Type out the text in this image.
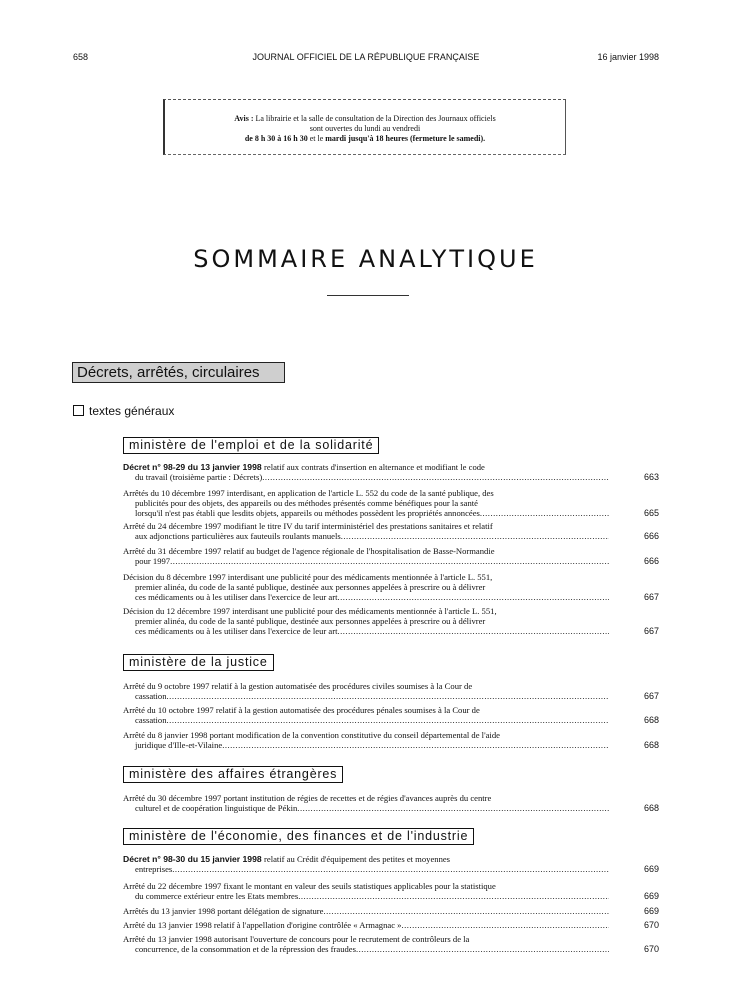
658	JOURNAL OFFICIEL DE LA RÉPUBLIQUE FRANÇAISE	16 janvier 1998
Avis : La librairie et la salle de consultation de la Direction des Journaux officiels
sont ouvertes du lundi au vendredi
de 8 h 30 à 16 h 30 et le mardi jusqu'à 18 heures (fermeture le samedi).
SOMMAIRE ANALYTIQUE
Décrets, arrêtés, circulaires
textes généraux
ministère de l'emploi et de la solidarité
Décret n° 98-29 du 13 janvier 1998 relatif aux contrats d'insertion en alternance et modifiant le code
du travail (troisième partie : Décrets) .....	663
Arrêtés du 10 décembre 1997 interdisant, en application de l'article L. 552 du code de la santé publique, des
publicités pour des objets, des appareils ou des méthodes présentés comme bénéfiques pour la santé
lorsqu'il n'est pas établi que lesdits objets, appareils ou méthodes possèdent les propriétés annoncées .....	665
Arrêté du 24 décembre 1997 modifiant le titre IV du tarif interministériel des prestations sanitaires et relatif
aux adjonctions particulières aux fauteuils roulants manuels .....	666
Arrêté du 31 décembre 1997 relatif au budget de l'agence régionale de l'hospitalisation de Basse-Normandie
pour 1997 .....	666
Décision du 8 décembre 1997 interdisant une publicité pour des médicaments mentionnée à l'article L. 551,
premier alinéa, du code de la santé publique, destinée aux personnes appelées à prescrire ou à délivrer
ces médicaments ou à les utiliser dans l'exercice de leur art .....	667
Décision du 12 décembre 1997 interdisant une publicité pour des médicaments mentionnée à l'article L. 551,
premier alinéa, du code de la santé publique, destinée aux personnes appelées à prescrire ou à délivrer
ces médicaments ou à les utiliser dans l'exercice de leur art .....	667
ministère de la justice
Arrêté du 9 octobre 1997 relatif à la gestion automatisée des procédures civiles soumises à la Cour de
cassation .....	667
Arrêté du 10 octobre 1997 relatif à la gestion automatisée des procédures pénales soumises à la Cour de
cassation .....	668
Arrêté du 8 janvier 1998 portant modification de la convention constitutive du conseil départemental de l'aide
juridique d'Ille-et-Vilaine .....	668
ministère des affaires étrangères
Arrêté du 30 décembre 1997 portant institution de régies de recettes et de régies d'avances auprès du centre
culturel et de coopération linguistique de Pékin .....	668
ministère de l'économie, des finances et de l'industrie
Décret n° 98-30 du 15 janvier 1998 relatif au Crédit d'équipement des petites et moyennes
entreprises .....	669
Arrêté du 22 décembre 1997 fixant le montant en valeur des seuils statistiques applicables pour la statistique
du commerce extérieur entre les Etats membres .....	669
Arrêtés du 13 janvier 1998 portant délégation de signature .....	669
Arrêté du 13 janvier 1998 relatif à l'appellation d'origine contrôlée « Armagnac » .....	670
Arrêté du 13 janvier 1998 autorisant l'ouverture de concours pour le recrutement de contrôleurs de la
concurrence, de la consommation et de la répression des fraudes .....	670
